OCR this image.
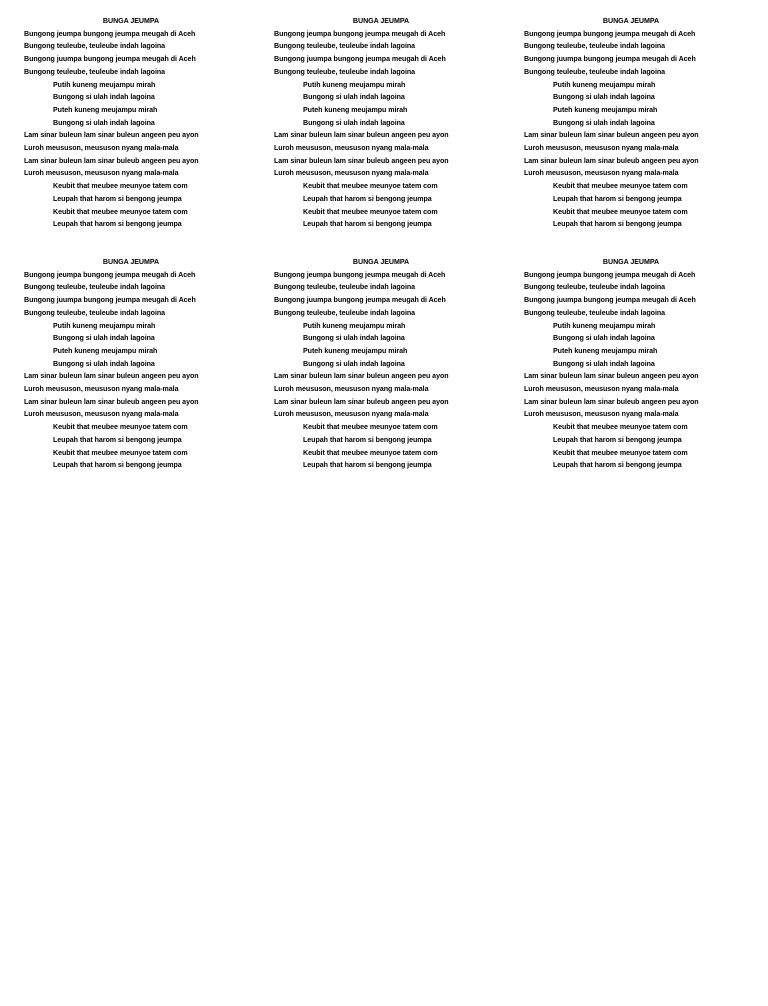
BUNGA JEUMPA
Bungong jeumpa bungong jeumpa meugah di Aceh
Bungong teuleube, teuleube indah lagoina
Bungong juumpa bungong jeumpa meugah di Aceh
Bungong teuleube, teuleube indah lagoina
Putih kuneng meujampu mirah
Bungong si ulah indah lagoina
Puteh kuneng meujampu mirah
Bungong si ulah indah lagoina
Lam sinar buleun lam sinar buleun angeen peu ayon
Luroh meususon, meususon nyang mala-mala
Lam sinar buleun lam sinar buleub angeen peu ayon
Luroh meususon, meususon nyang mala-mala
Keubit that meubee meunyoe tatem com
Leupah that harom si bengong jeumpa
Keubit that meubee meunyoe tatem com
Leupah that harom si bengong jeumpa
BUNGA JEUMPA
Bungong jeumpa bungong jeumpa meugah di Aceh
Bungong teuleube, teuleube indah lagoina
Bungong juumpa bungong jeumpa meugah di Aceh
Bungong teuleube, teuleube indah lagoina
Putih kuneng meujampu mirah
Bungong si ulah indah lagoina
Puteh kuneng meujampu mirah
Bungong si ulah indah lagoina
Lam sinar buleun lam sinar buleun angeen peu ayon
Luroh meususon, meususon nyang mala-mala
Lam sinar buleun lam sinar buleub angeen peu ayon
Luroh meususon, meususon nyang mala-mala
Keubit that meubee meunyoe tatem com
Leupah that harom si bengong jeumpa
Keubit that meubee meunyoe tatem com
Leupah that harom si bengong jeumpa
BUNGA JEUMPA
Bungong jeumpa bungong jeumpa meugah di Aceh
Bungong teuleube, teuleube indah lagoina
Bungong juumpa bungong jeumpa meugah di Aceh
Bungong teuleube, teuleube indah lagoina
Putih kuneng meujampu mirah
Bungong si ulah indah lagoina
Puteh kuneng meujampu mirah
Bungong si ulah indah lagoina
Lam sinar buleun lam sinar buleun angeen peu ayon
Luroh meususon, meususon nyang mala-mala
Lam sinar buleun lam sinar buleub angeen peu ayon
Luroh meususon, meususon nyang mala-mala
Keubit that meubee meunyoe tatem com
Leupah that harom si bengong jeumpa
Keubit that meubee meunyoe tatem com
Leupah that harom si bengong jeumpa
BUNGA JEUMPA
Bungong jeumpa bungong jeumpa meugah di Aceh
Bungong teuleube, teuleube indah lagoina
Bungong juumpa bungong jeumpa meugah di Aceh
Bungong teuleube, teuleube indah lagoina
Putih kuneng meujampu mirah
Bungong si ulah indah lagoina
Puteh kuneng meujampu mirah
Bungong si ulah indah lagoina
Lam sinar buleun lam sinar buleun angeen peu ayon
Luroh meususon, meususon nyang mala-mala
Lam sinar buleun lam sinar buleub angeen peu ayon
Luroh meususon, meususon nyang mala-mala
Keubit that meubee meunyoe tatem com
Leupah that harom si bengong jeumpa
Keubit that meubee meunyoe tatem com
Leupah that harom si bengong jeumpa
BUNGA JEUMPA
Bungong jeumpa bungong jeumpa meugah di Aceh
Bungong teuleube, teuleube indah lagoina
Bungong juumpa bungong jeumpa meugah di Aceh
Bungong teuleube, teuleube indah lagoina
Putih kuneng meujampu mirah
Bungong si ulah indah lagoina
Puteh kuneng meujampu mirah
Bungong si ulah indah lagoina
Lam sinar buleun lam sinar buleun angeen peu ayon
Luroh meususon, meususon nyang mala-mala
Lam sinar buleun lam sinar buleub angeen peu ayon
Luroh meususon, meususon nyang mala-mala
Keubit that meubee meunyoe tatem com
Leupah that harom si bengong jeumpa
Keubit that meubee meunyoe tatem com
Leupah that harom si bengong jeumpa
BUNGA JEUMPA
Bungong jeumpa bungong jeumpa meugah di Aceh
Bungong teuleube, teuleube indah lagoina
Bungong juumpa bungong jeumpa meugah di Aceh
Bungong teuleube, teuleube indah lagoina
Putih kuneng meujampu mirah
Bungong si ulah indah lagoina
Puteh kuneng meujampu mirah
Bungong si ulah indah lagoina
Lam sinar buleun lam sinar buleun angeen peu ayon
Luroh meususon, meususon nyang mala-mala
Lam sinar buleun lam sinar buleub angeen peu ayon
Luroh meususon, meususon nyang mala-mala
Keubit that meubee meunyoe tatem com
Leupah that harom si bengong jeumpa
Keubit that meubee meunyoe tatem com
Leupah that harom si bengong jeumpa
